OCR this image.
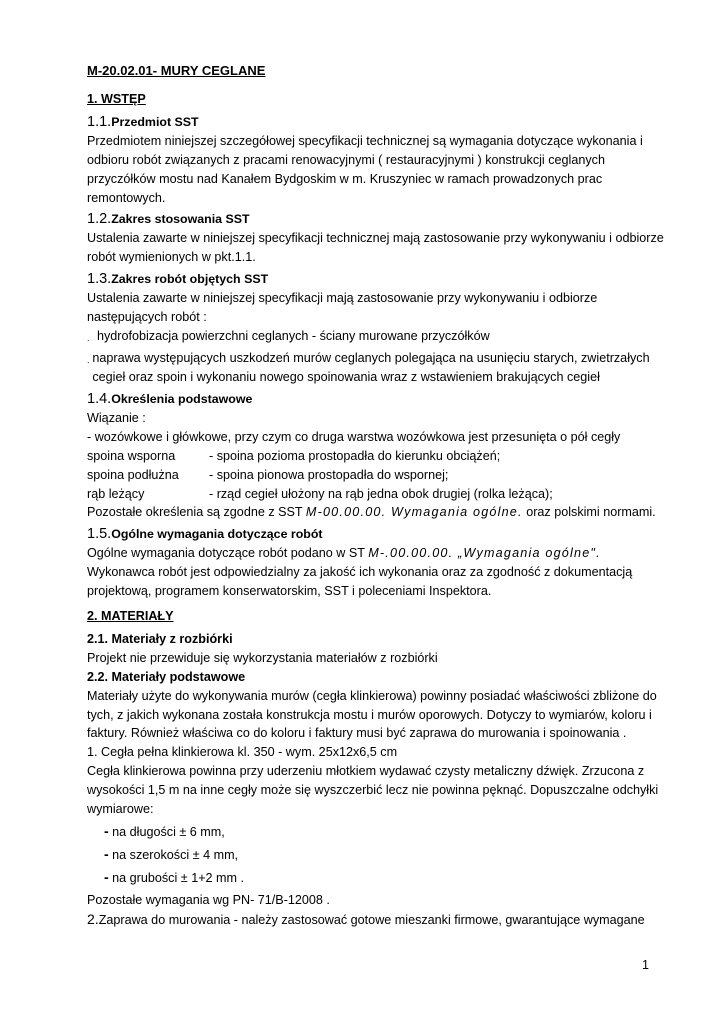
M-20.02.01- MURY CEGLANE
1. WSTĘP
1.1.Przedmiot SST

Przedmiotem niniejszej szczegółowej specyfikacji technicznej są wymagania dotyczące wykonania i odbioru robót związanych z pracami renowacyjnymi ( restauracyjnymi ) konstrukcji ceglanych przyczółków mostu nad Kanałem Bydgoskim w m. Kruszyniec w ramach prowadzonych prac remontowych.

1.2.Zakres stosowania SST

Ustalenia zawarte w niniejszej specyfikacji technicznej mają zastosowanie przy wykonywaniu i odbiorze robót wymienionych w pkt.1.1.

1.3.Zakres robót objętych SST

Ustalenia zawarte w niniejszej specyfikacji mają zastosowanie przy wykonywaniu i odbiorze następujących robót :

. hydrofobizacja powierzchni ceglanych - ściany murowane przyczółków
. naprawa występujących uszkodzeń murów ceglanych polegająca na usunięciu starych, zwietrzałych cegieł oraz spoin i wykonaniu nowego spoinowania wraz z wstawieniem brakujących cegieł
1.4.Określenia podstawowe

Wiązanie :

- wozówkowe i główkowe, przy czym co druga warstwa wozówkowa jest przesunięta o pół cegły

spoina wsporna	- spoina pozioma prostopadła do kierunku obciążeń;
spoina podłużna	- spoina pionowa prostopadła do wspornej;
rąb leżący	- rząd cegieł ułożony na rąb jedna obok drugiej (rolka leżąca);

Pozostałe określenia są zgodne z SST M-00.00.00. Wymagania ogólne. oraz polskimi normami.

1.5.Ogólne wymagania dotyczące robót

Ogólne wymagania dotyczące robót podano w ST M-.00.00.00. „Wymagania ogólne".

Wykonawca robót jest odpowiedzialny za jakość ich wykonania oraz za zgodność z dokumentacją projektową, programem konserwatorskim, SST i poleceniami Inspektora.

2. MATERIAŁY
2.1. Materiały z rozbiórki

Projekt nie przewiduje się wykorzystania materiałów z rozbiórki

2.2. Materiały podstawowe

Materiały użyte do wykonywania murów (cegła klinkierowa) powinny posiadać właściwości zbliżone do tych, z jakich wykonana została konstrukcja mostu i murów oporowych. Dotyczy to wymiarów, koloru i faktury. Również właściwa co do koloru i faktury musi być zaprawa do murowania i spoinowania .

1. Cegła pełna klinkierowa kl. 350 - wym. 25x12x6,5 cm

Cegła klinkierowa powinna przy uderzeniu młotkiem wydawać czysty metaliczny dźwięk. Zrzucona z wysokości 1,5 m na inne cegły może się wyszczerbić lecz nie powinna pęknąć. Dopuszczalne odchyłki wymiarowe:

- na długości ± 6 mm,
- na szerokości ± 4 mm,
- na grubości ± 1+2 mm .

Pozostałe wymagania wg PN- 71/B-12008 .

2.Zaprawa do murowania - należy zastosować gotowe mieszanki firmowe, gwarantujące wymagane

1
